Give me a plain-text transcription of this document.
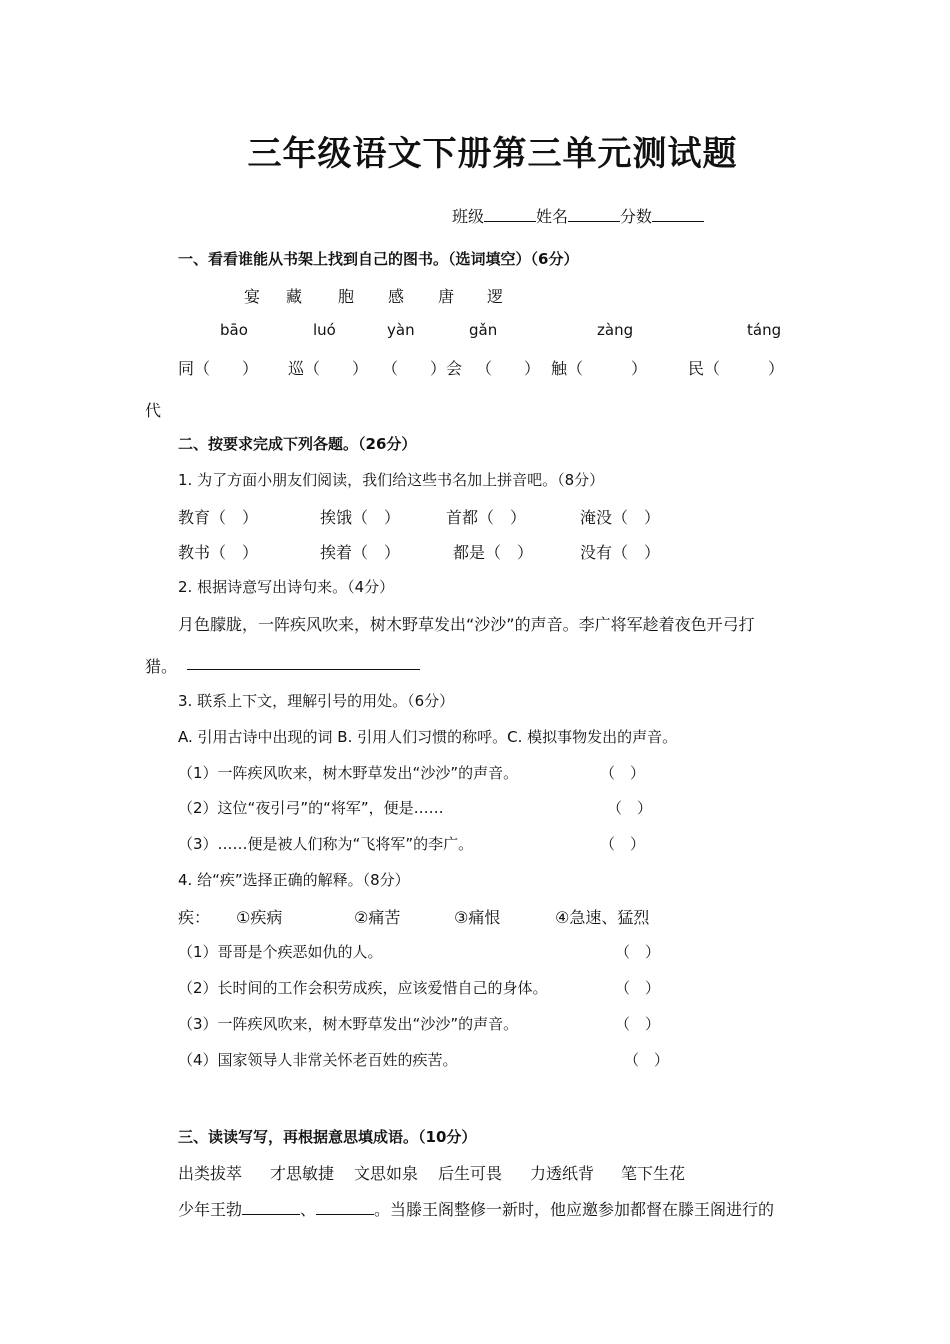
三年级语文下册第三单元测试题
班级	姓名	分数
一、看看谁能从书架上找到自己的图书。（选词填空）（6分）
宴 藏 胞 感 唐 逻
bāo	luó	yàn	gǎn	zàng	táng
同（　　） 巡（　　） （　　）会 （　　） 触（　　　）	民（　　　）
代
二、按要求完成下列各题。（26分）
1. 为了方面小朋友们阅读，我们给这些书名加上拼音吧。（8分）
教育（　）	挨饿（　）	首都（　）	淹没（　）
教书（　）	挨着（　）	都是（　）	没有（　）
2. 根据诗意写出诗句来。（4分）
月色朦胧，一阵疾风吹来，树木野草发出“沙沙”的声音。李广将军趁着夜色开弓打
猎。
3. 联系上下文，理解引号的用处。（6分）
A. 引用古诗中出现的词 B. 引用人们习惯的称呼。C. 模拟事物发出的声音。
（1）一阵疾风吹来，树木野草发出“沙沙”的声音。	（　）
（2）这位“夜引弓”的“将军”，便是……	（　）
（3）……便是被人们称为“飞将军”的李广。	（　）
4. 给“疾”选择正确的解释。（8分）
疾： ①疾病	②痛苦	③痛恨	④急速、猛烈
（1）哥哥是个疾恶如仇的人。	（　）
（2）长时间的工作会积劳成疾，应该爱惜自己的身体。	（　）
（3）一阵疾风吹来，树木野草发出“沙沙”的声音。	（　）
（4）国家领导人非常关怀老百姓的疾苦。	（　）
三、读读写写，再根据意思填成语。（10分）
出类拔萃 才思敏捷 文思如泉 后生可畏 力透纸背 笔下生花
少年王勃	、	。当滕王阁整修一新时，他应邀参加都督在滕王阁进行的
